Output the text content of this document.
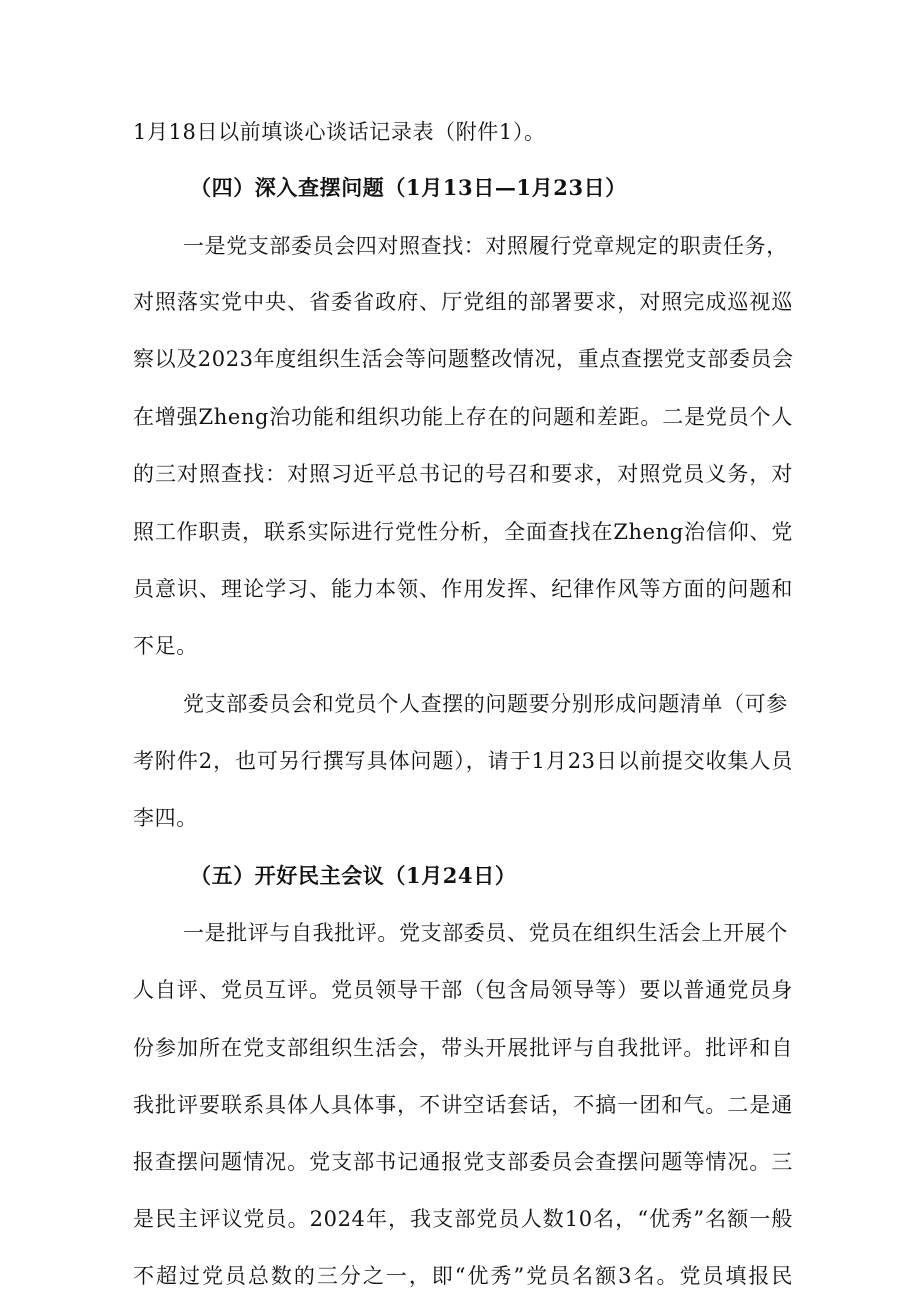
1月18日以前填谈心谈话记录表（附件1）。
（四）深入查摆问题（1月13日—1月23日）
一是党支部委员会四对照查找：对照履行党章规定的职责任务，
对照落实党中央、省委省政府、厅党组的部署要求，对照完成巡视巡
察以及2023年度组织生活会等问题整改情况，重点查摆党支部委员会
在增强Zheng治功能和组织功能上存在的问题和差距。二是党员个人
的三对照查找：对照习近平总书记的号召和要求，对照党员义务，对
照工作职责，联系实际进行党性分析，全面查找在Zheng治信仰、党
员意识、理论学习、能力本领、作用发挥、纪律作风等方面的问题和
不足。
党支部委员会和党员个人查摆的问题要分别形成问题清单（可参
考附件2，也可另行撰写具体问题），请于1月23日以前提交收集人员
李四。
（五）开好民主会议（1月24日）
一是批评与自我批评。党支部委员、党员在组织生活会上开展个
人自评、党员互评。党员领导干部（包含局领导等）要以普通党员身
份参加所在党支部组织生活会，带头开展批评与自我批评。批评和自
我批评要联系具体人具体事，不讲空话套话，不搞一团和气。二是通
报查摆问题情况。党支部书记通报党支部委员会查摆问题等情况。三
是民主评议党员。2024年，我支部党员人数10名，“优秀”名额一般
不超过党员总数的三分之一，即“优秀”党员名额3名。党员填报民
